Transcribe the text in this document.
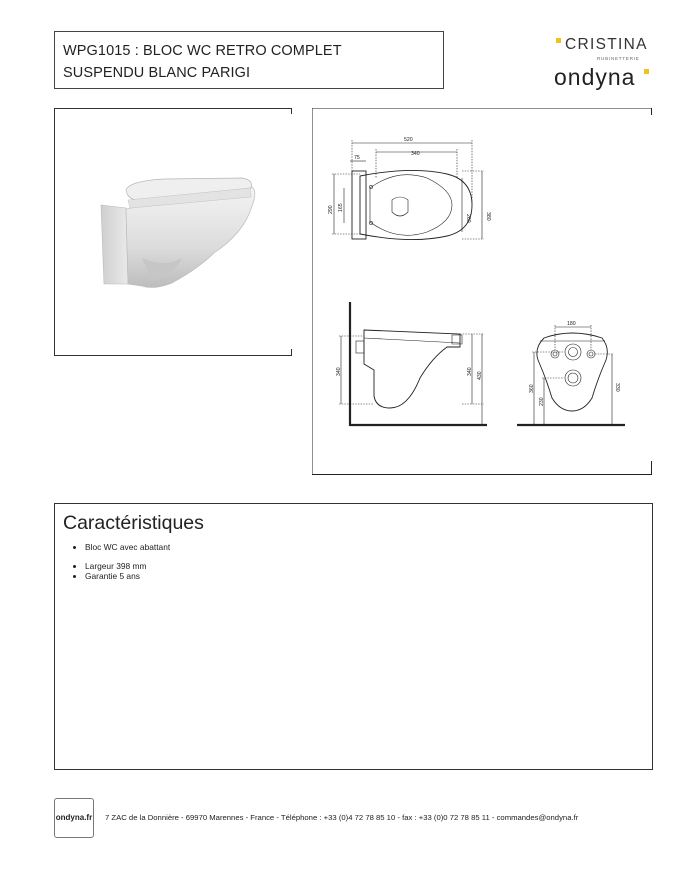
WPG1015 : BLOC WC RETRO COMPLET
SUSPENDU BLANC PARIGI
CRISTINA
RUBINETTERIE
ondyna
520
340
75
290 165
260	380
340	340 430
180
360
230
330
Caractéristiques
• Bloc WC avec abattant
• Largeur 398 mm
• Garantie 5 ans
ondyna.fr 7 ZAC de la Donnière - 69970 Marennes - France - Téléphone : +33 (0)4 72 78 85 10 - fax : +33 (0)0 72 78 85 11 - commandes@ondyna.fr
